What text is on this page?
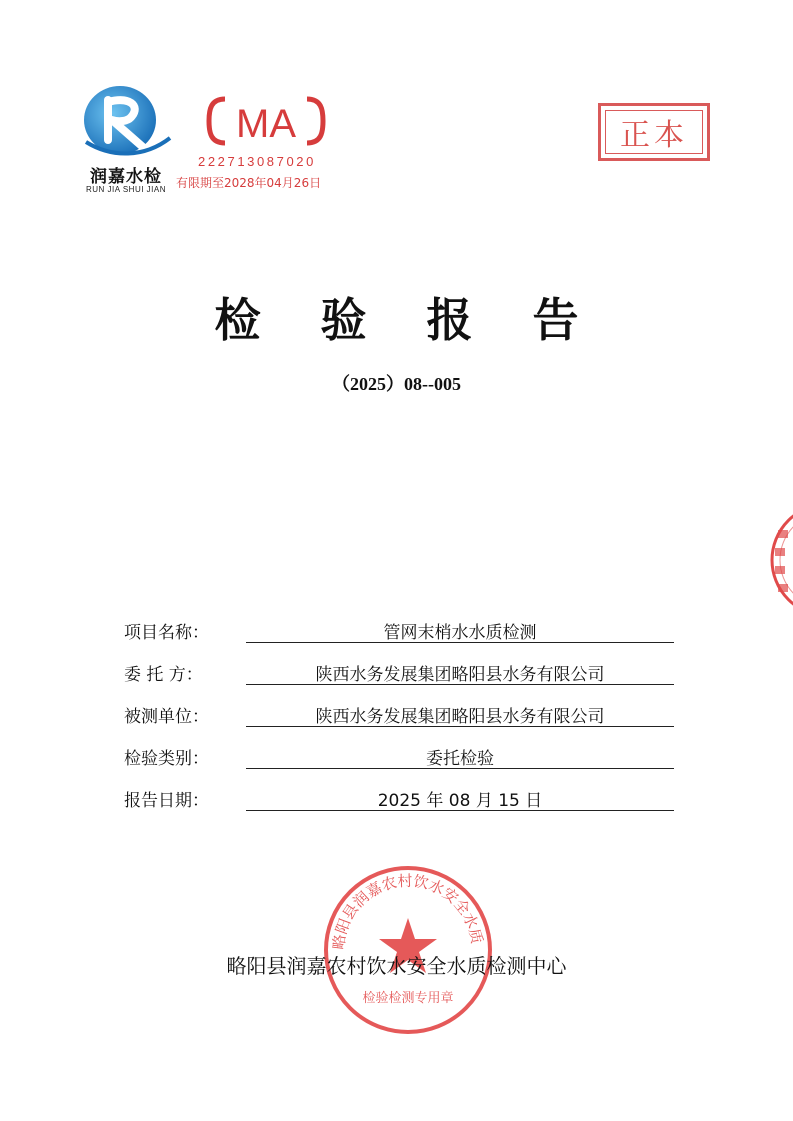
润嘉水检
RUN JIA SHUI JIAN
MA
222713087020
有限期至2028年04月26日
正本
检 验 报 告
（2025）08--005
项目名称：	管网末梢水水质检测
委 托 方：	陕西水务发展集团略阳县水务有限公司
被测单位：	陕西水务发展集团略阳县水务有限公司
检验类别：	委托检验
报告日期：	2025 年 08 月 15 日
略阳县润嘉农村饮水安全水质
检验检测专用章
略阳县润嘉农村饮水安全水质检测中心
